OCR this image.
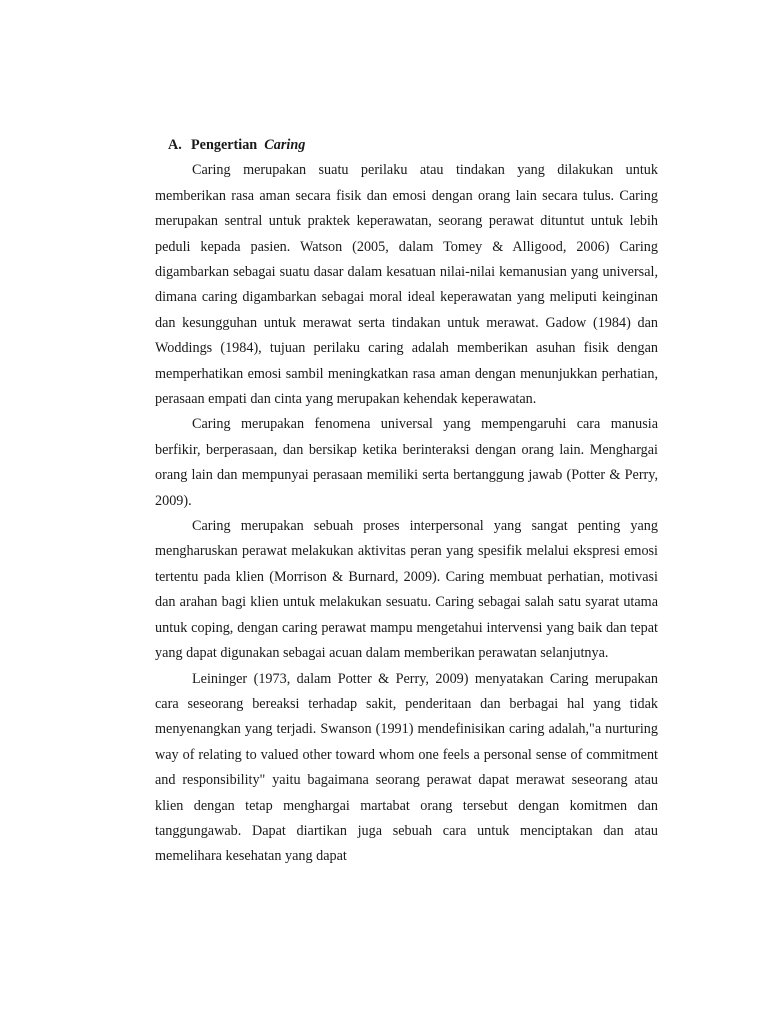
A. Pengertian Caring

Caring merupakan suatu perilaku atau tindakan yang dilakukan untuk memberikan rasa aman secara fisik dan emosi dengan orang lain secara tulus. Caring merupakan sentral untuk praktek keperawatan, seorang perawat dituntut untuk lebih peduli kepada pasien. Watson (2005, dalam Tomey & Alligood, 2006) Caring digambarkan sebagai suatu dasar dalam kesatuan nilai-nilai kemanusian yang universal, dimana caring digambarkan sebagai moral ideal keperawatan yang meliputi keinginan dan kesungguhan untuk merawat serta tindakan untuk merawat. Gadow (1984) dan Woddings (1984), tujuan perilaku caring adalah memberikan asuhan fisik dengan memperhatikan emosi sambil meningkatkan rasa aman dengan menunjukkan perhatian, perasaan empati dan cinta yang merupakan kehendak keperawatan.

Caring merupakan fenomena universal yang mempengaruhi cara manusia berfikir, berperasaan, dan bersikap ketika berinteraksi dengan orang lain. Menghargai orang lain dan mempunyai perasaan memiliki serta bertanggung jawab (Potter & Perry, 2009).

Caring merupakan sebuah proses interpersonal yang sangat penting yang mengharuskan perawat melakukan aktivitas peran yang spesifik melalui ekspresi emosi tertentu pada klien (Morrison & Burnard, 2009). Caring membuat perhatian, motivasi dan arahan bagi klien untuk melakukan sesuatu. Caring sebagai salah satu syarat utama untuk coping, dengan caring perawat mampu mengetahui intervensi yang baik dan tepat yang dapat digunakan sebagai acuan dalam memberikan perawatan selanjutnya.

Leininger (1973, dalam Potter & Perry, 2009) menyatakan Caring merupakan cara seseorang bereaksi terhadap sakit, penderitaan dan berbagai hal yang tidak menyenangkan yang terjadi. Swanson (1991) mendefinisikan caring adalah,"a nurturing way of relating to valued other toward whom one feels a personal sense of commitment and responsibility" yaitu bagaimana seorang perawat dapat merawat seseorang atau klien dengan tetap menghargai martabat orang tersebut dengan komitmen dan tanggungawab. Dapat diartikan juga sebuah cara untuk menciptakan dan atau memelihara kesehatan yang dapat
